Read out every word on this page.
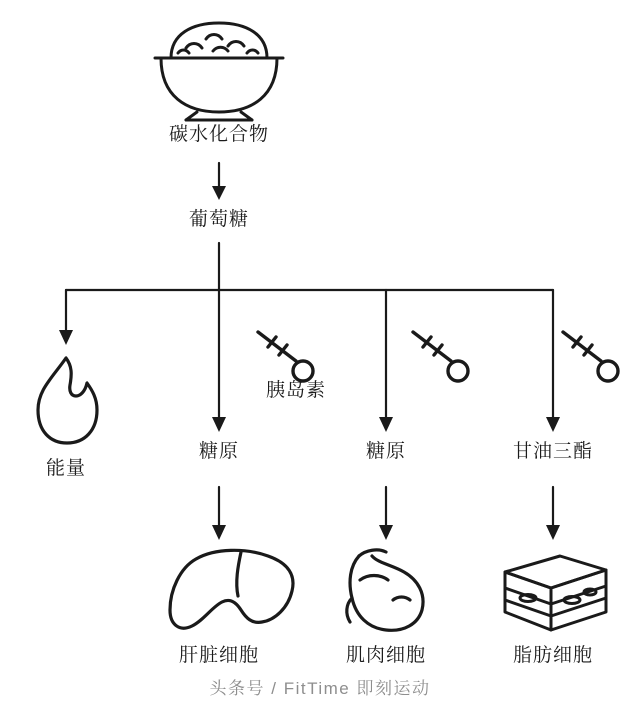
碳水化合物
葡萄糖
能量
胰岛素
糖原	糖原	甘油三酯
肝脏细胞	肌肉细胞	脂肪细胞
头条号 / FitTime 即刻运动
